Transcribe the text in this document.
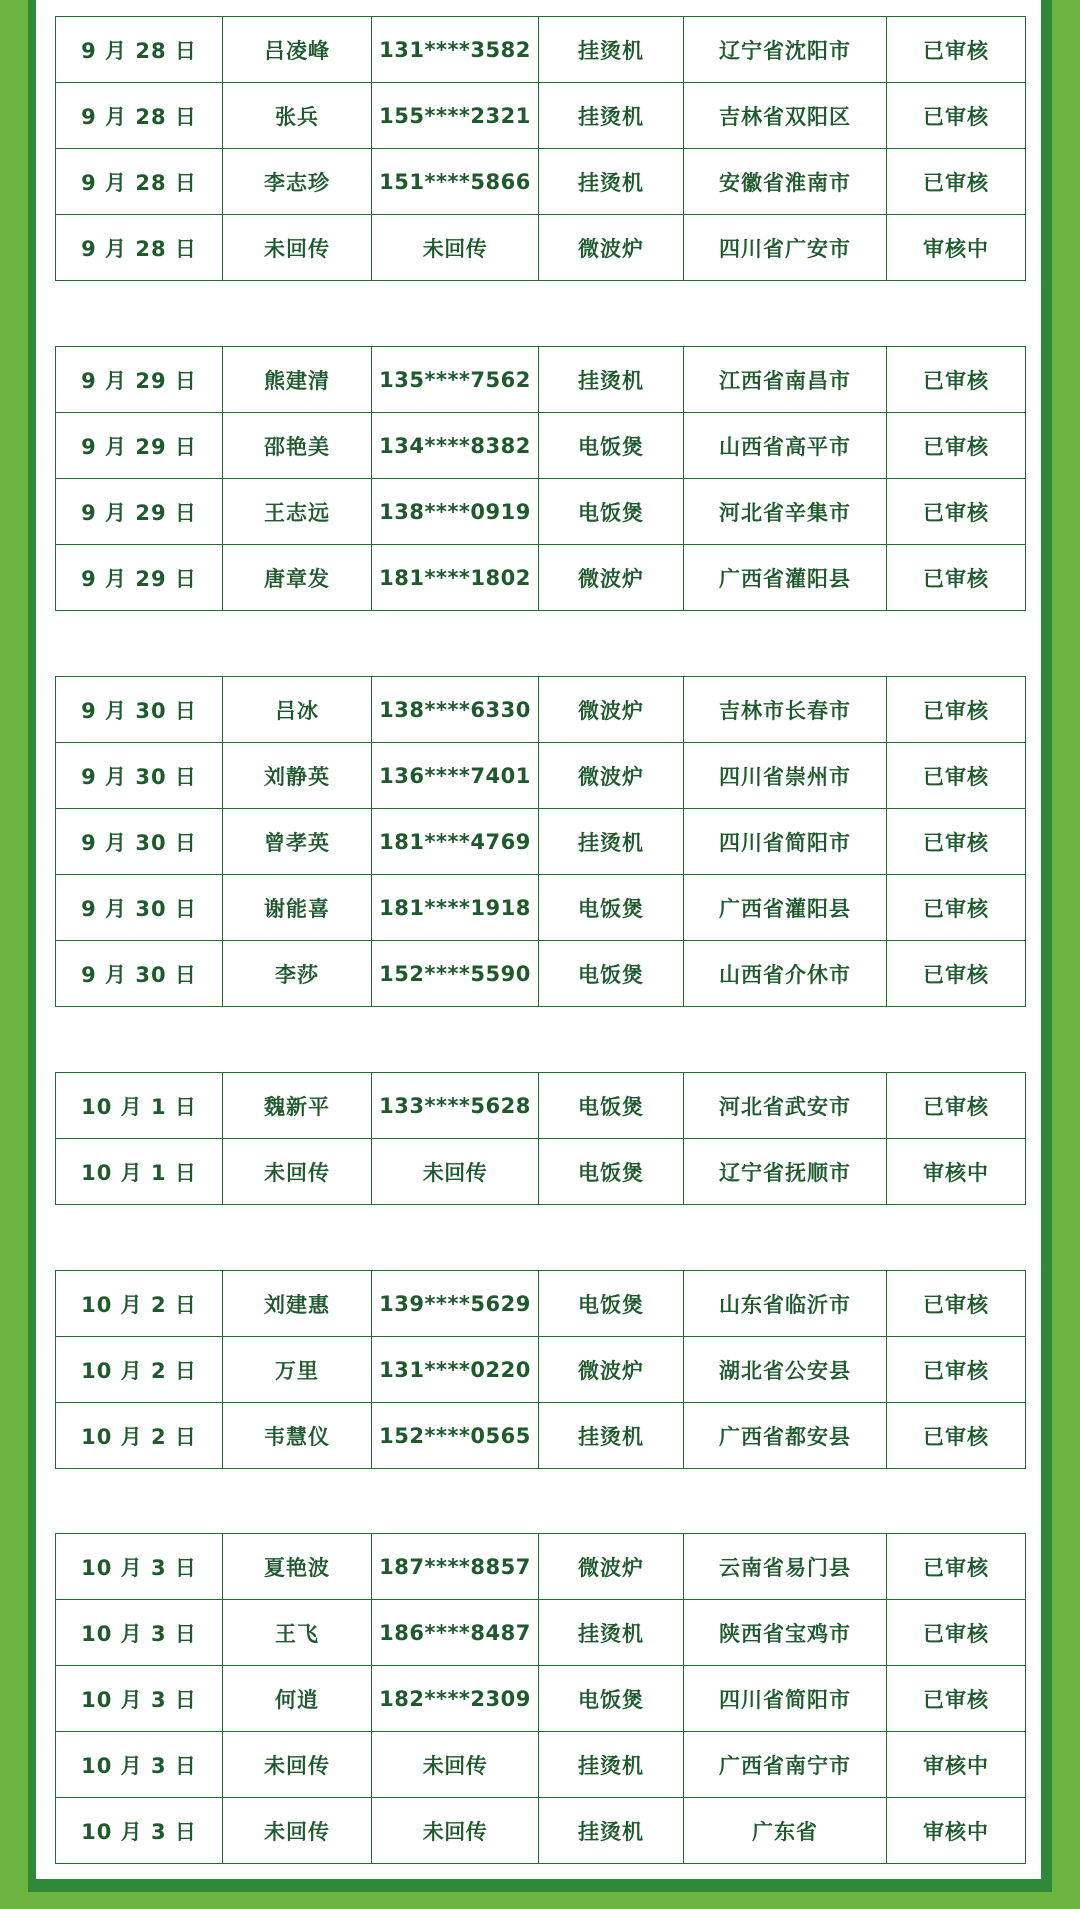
9 月 28 日	吕凌峰	131****3582	挂烫机	辽宁省沈阳市	已审核
9 月 28 日	张兵	155****2321	挂烫机	吉林省双阳区	已审核
9 月 28 日	李志珍	151****5866	挂烫机	安徽省淮南市	已审核
9 月 28 日	未回传	未回传	微波炉	四川省广安市	审核中
9 月 29 日	熊建清	135****7562	挂烫机	江西省南昌市	已审核
9 月 29 日	邵艳美	134****8382	电饭煲	山西省高平市	已审核
9 月 29 日	王志远	138****0919	电饭煲	河北省辛集市	已审核
9 月 29 日	唐章发	181****1802	微波炉	广西省灌阳县	已审核
9 月 30 日	吕冰	138****6330	微波炉	吉林市长春市	已审核
9 月 30 日	刘静英	136****7401	微波炉	四川省崇州市	已审核
9 月 30 日	曾孝英	181****4769	挂烫机	四川省简阳市	已审核
9 月 30 日	谢能喜	181****1918	电饭煲	广西省灌阳县	已审核
9 月 30 日	李莎	152****5590	电饭煲	山西省介休市	已审核
10 月 1 日	魏新平	133****5628	电饭煲	河北省武安市	已审核
10 月 1 日	未回传	未回传	电饭煲	辽宁省抚顺市	审核中
10 月 2 日	刘建惠	139****5629	电饭煲	山东省临沂市	已审核
10 月 2 日	万里	131****0220	微波炉	湖北省公安县	已审核
10 月 2 日	韦慧仪	152****0565	挂烫机	广西省都安县	已审核
10 月 3 日	夏艳波	187****8857	微波炉	云南省易门县	已审核
10 月 3 日	王飞	186****8487	挂烫机	陕西省宝鸡市	已审核
10 月 3 日	何逍	182****2309	电饭煲	四川省简阳市	已审核
10 月 3 日	未回传	未回传	挂烫机	广西省南宁市	审核中
10 月 3 日	未回传	未回传	挂烫机	广东省	审核中
